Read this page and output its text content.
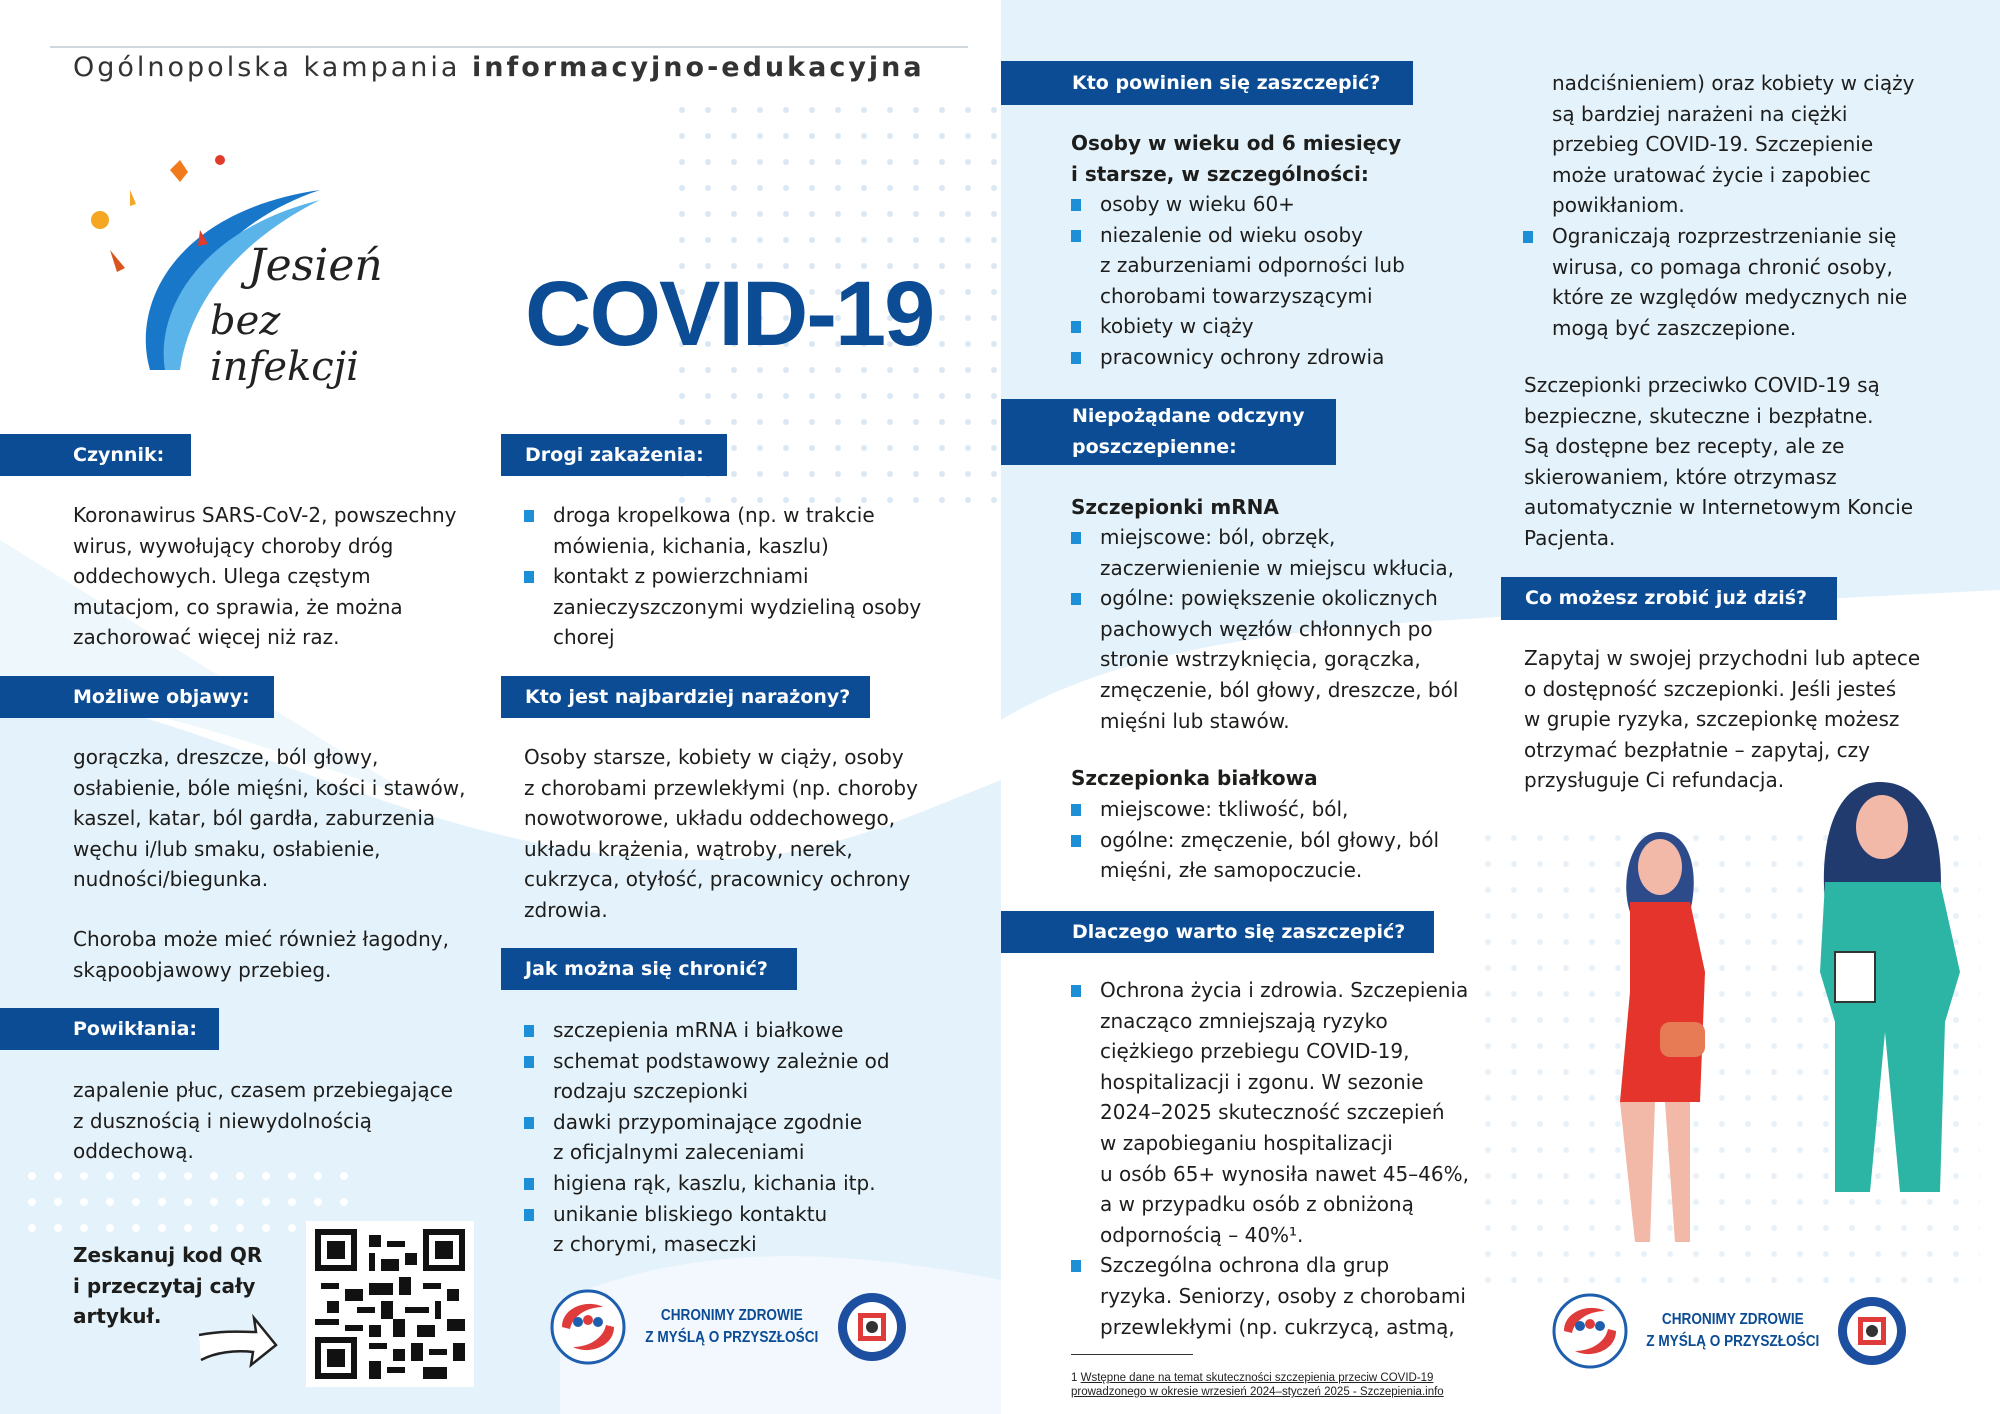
Ogólnopolska kampania informacyjno-edukacyjna
Jesień
bez infekcji
COVID-19
Czynnik:
Koronawirus SARS-CoV-2, powszechny
wirus, wywołujący choroby dróg
oddechowych. Ulega częstym
mutacjom, co sprawia, że można
zachorować więcej niż raz.
Możliwe objawy:
gorączka, dreszcze, ból głowy,
osłabienie, bóle mięśni, kości i stawów,
kaszel, katar, ból gardła, zaburzenia
węchu i/lub smaku, osłabienie,
nudności/biegunka.
Choroba może mieć również łagodny,
skąpoobjawowy przebieg.
Powikłania:
zapalenie płuc, czasem przebiegające
z dusznością i niewydolnością
oddechową.
Zeskanuj kod QR
i przeczytaj cały
artykuł.
Drogi zakażenia:
droga kropelkowa (np. w trakcie
mówienia, kichania, kaszlu)
kontakt z powierzchniami
zanieczyszczonymi wydzieliną osoby
chorej
Kto jest najbardziej narażony?
Osoby starsze, kobiety w ciąży, osoby
z chorobami przewlekłymi (np. choroby
nowotworowe, układu oddechowego,
układu krążenia, wątroby, nerek,
cukrzyca, otyłość, pracownicy ochrony
zdrowia.
Jak można się chronić?
szczepienia mRNA i białkowe
schemat podstawowy zależnie od
rodzaju szczepionki
dawki przypominające zgodnie
z oficjalnymi zaleceniami
higiena rąk, kaszlu, kichania itp.
unikanie bliskiego kontaktu
z chorymi, maseczki
CHRONIMY ZDROWIE
Z MYŚLĄ O PRZYSZŁOŚCI
Kto powinien się zaszczepić?
Osoby w wieku od 6 miesięcy
i starsze, w szczególności:
osoby w wieku 60+
niezalenie od wieku osoby
z zaburzeniami odporności lub
chorobami towarzyszącymi
kobiety w ciąży
pracownicy ochrony zdrowia
Niepożądane odczyny
poszczepienne:
Szczepionki mRNA
miejscowe: ból, obrzęk,
zaczerwienienie w miejscu wkłucia,
ogólne: powiększenie okolicznych
pachowych węzłów chłonnych po
stronie wstrzyknięcia, gorączka,
zmęczenie, ból głowy, dreszcze, ból
mięśni lub stawów.
Szczepionka białkowa
miejscowe: tkliwość, ból,
ogólne: zmęczenie, ból głowy, ból
mięśni, złe samopoczucie.
Dlaczego warto się zaszczepić?
Ochrona życia i zdrowia. Szczepienia
znacząco zmniejszają ryzyko
ciężkiego przebiegu COVID-19,
hospitalizacji i zgonu. W sezonie
2024–2025 skuteczność szczepień
w zapobieganiu hospitalizacji
u osób 65+ wynosiła nawet 45–46%,
a w przypadku osób z obniżoną
odpornością – 40%¹.
Szczególna ochrona dla grup
ryzyka. Seniorzy, osoby z chorobami
przewlekłymi (np. cukrzycą, astmą,

1 Wstępne dane na temat skuteczności szczepienia przeciw COVID-19
prowadzonego w okresie wrzesień 2024–styczeń 2025 - Szczepienia.info

nadciśnieniem) oraz kobiety w ciąży
są bardziej narażeni na ciężki
przebieg COVID-19. Szczepienie
może uratować życie i zapobiec
powikłaniom.
Ograniczają rozprzestrzenianie się
wirusa, co pomaga chronić osoby,
które ze względów medycznych nie
mogą być zaszczepione.
Szczepionki przeciwko COVID-19 są
bezpieczne, skuteczne i bezpłatne.
Są dostępne bez recepty, ale ze
skierowaniem, które otrzymasz
automatycznie w Internetowym Koncie
Pacjenta.
Co możesz zrobić już dziś?
Zapytaj w swojej przychodni lub aptece
o dostępność szczepionki. Jeśli jesteś
w grupie ryzyka, szczepionkę możesz
otrzymać bezpłatnie – zapytaj, czy
przysługuje Ci refundacja.
CHRONIMY ZDROWIE
Z MYŚLĄ O PRZYSZŁOŚCI
